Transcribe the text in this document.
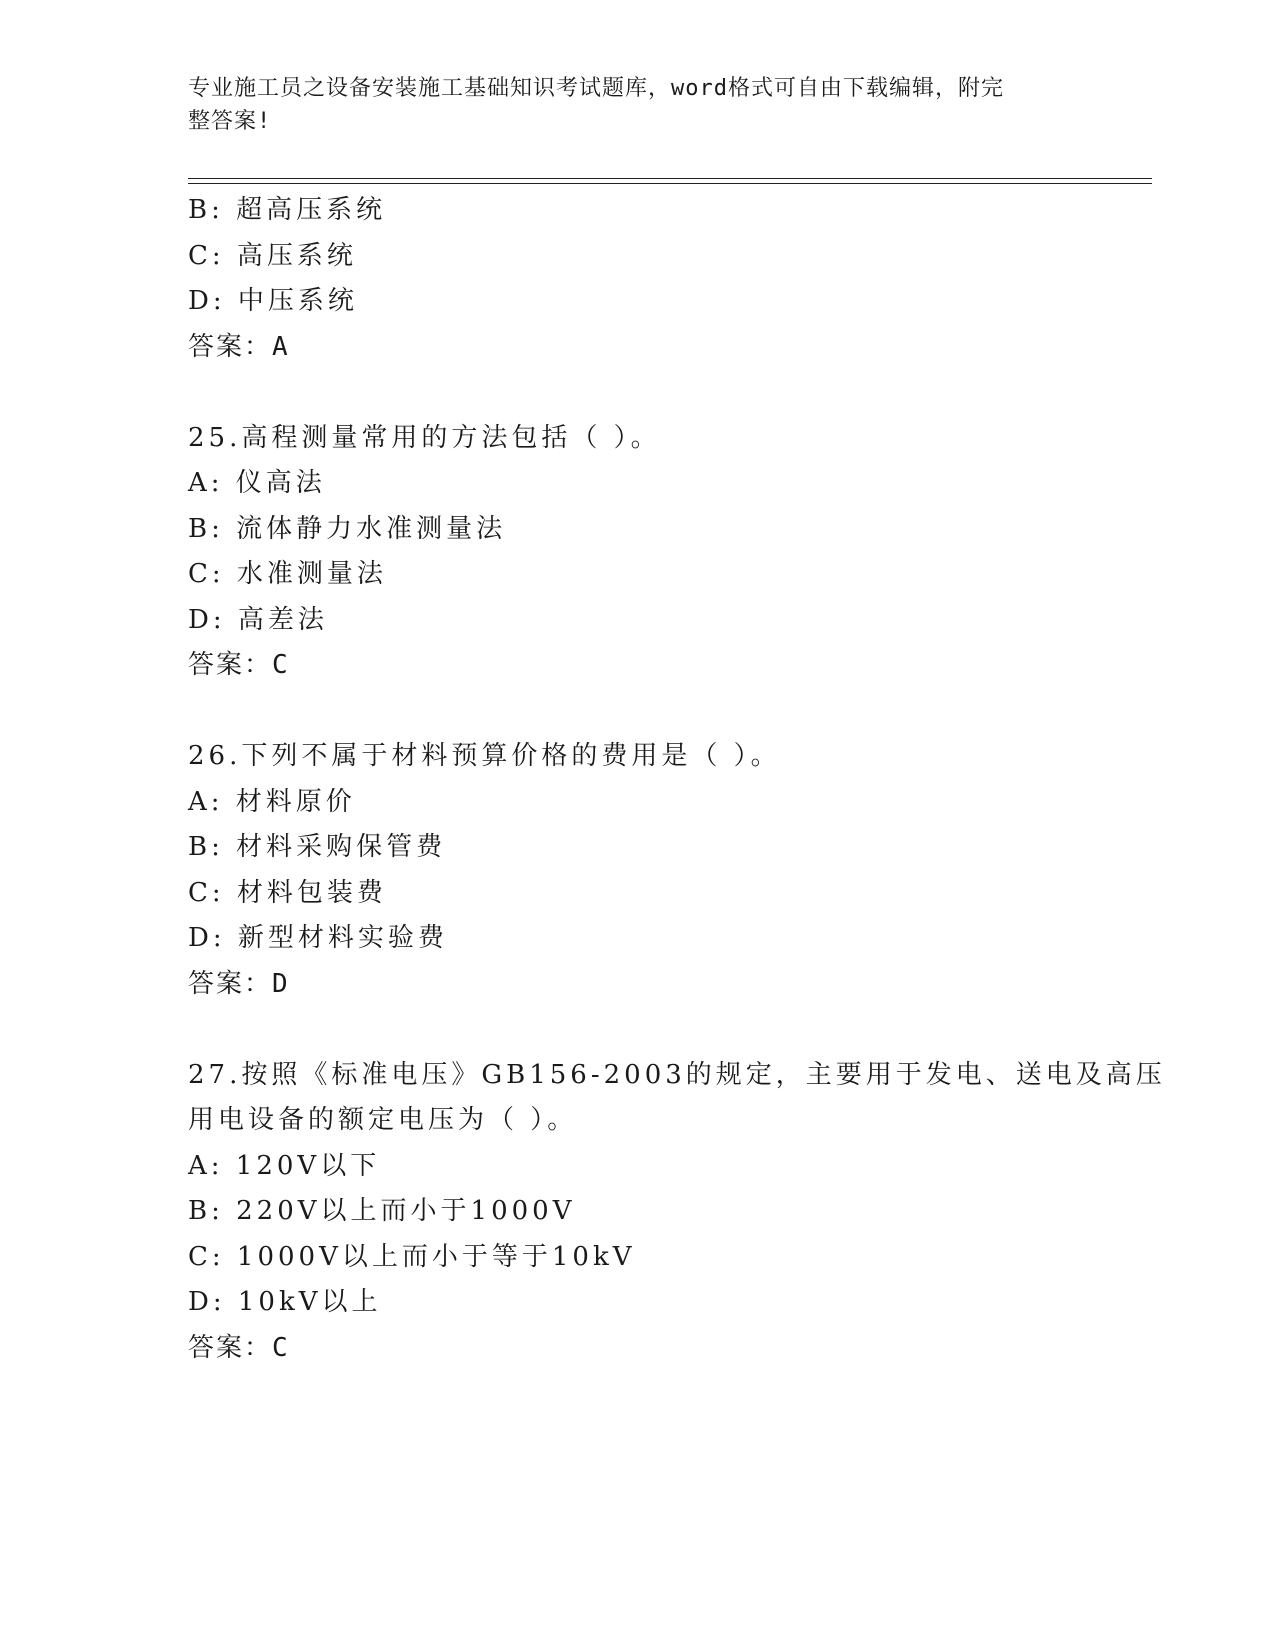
专业施工员之设备安装施工基础知识考试题库，word格式可自由下载编辑，附完
整答案!
B: 超高压系统
C: 高压系统
D: 中压系统
答案：A
25.高程测量常用的方法包括（ ）。
A: 仪高法
B: 流体静力水准测量法
C: 水准测量法
D: 高差法
答案：C
26.下列不属于材料预算价格的费用是（ ）。
A: 材料原价
B: 材料采购保管费
C: 材料包装费
D: 新型材料实验费
答案：D
27.按照《标准电压》GB156-2003的规定，主要用于发电、送电及高压
用电设备的额定电压为（ ）。
A: 120V以下
B: 220V以上而小于1000V
C: 1000V以上而小于等于10kV
D: 10kV以上
答案：C
